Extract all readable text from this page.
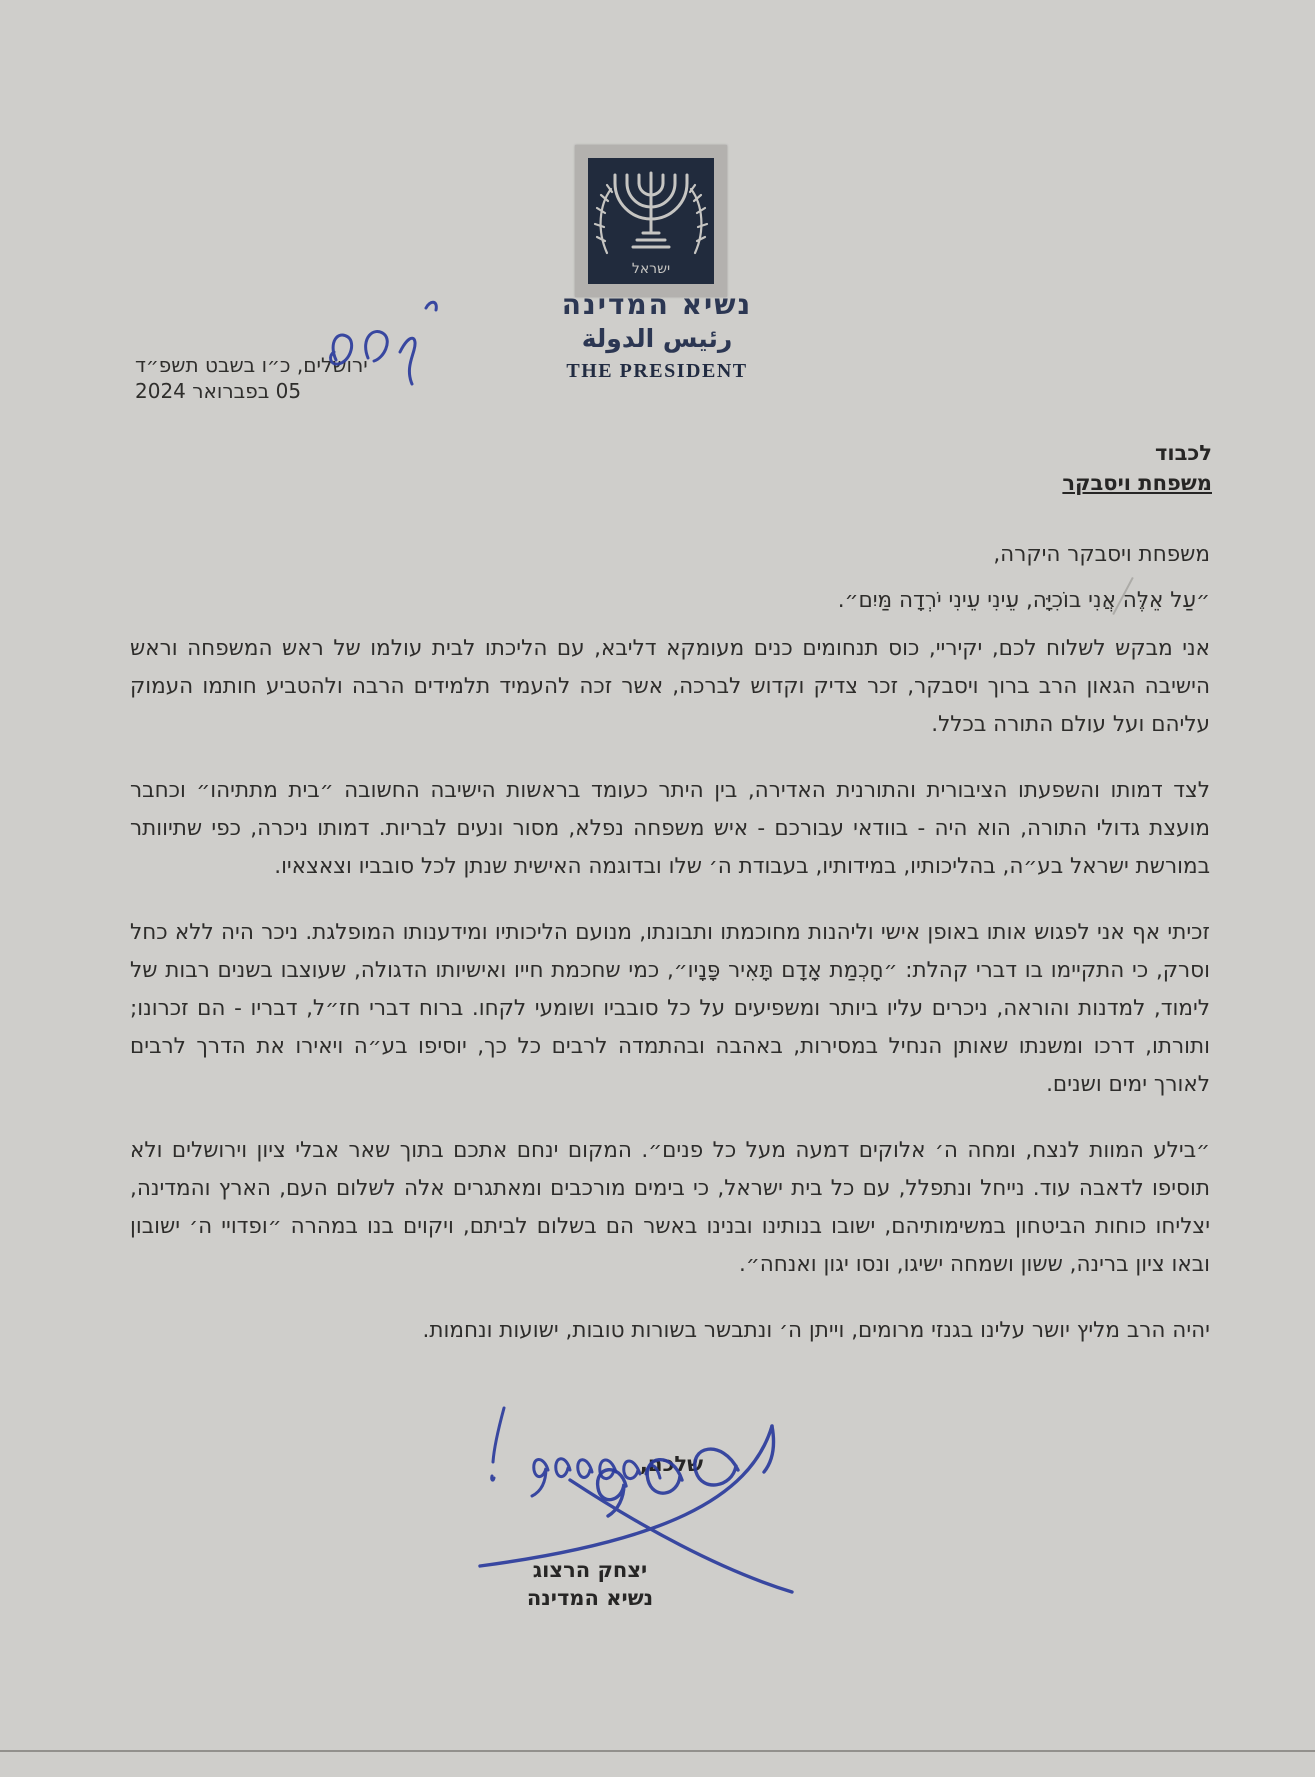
ישראל
נשיא המדינה
رئيس الدولة
THE PRESIDENT
ירושלים, כ״ו בשבט תשפ״ד
05 בפברואר 2024
לכבוד
משפחת ויסבקר

משפחת ויסבקר היקרה,

״עַל אֵלֶּה אֲנִי בוֹכִיָּה, עֵינִי עֵינִי יֹרְדָה מַּיִם״.

אני מבקש לשלוח לכם, יקיריי, כוס תנחומים כנים מעומקא דליבא, עם הליכתו לבית עולמו של ראש המשפחה וראש הישיבה הגאון הרב ברוך ויסבקר, זכר צדיק וקדוש לברכה, אשר זכה להעמיד תלמידים הרבה ולהטביע חותמו העמוק עליהם ועל עולם התורה בכלל.

לצד דמותו והשפעתו הציבורית והתורנית האדירה, בין היתר כעומד בראשות הישיבה החשובה ״בית מתתיהו״ וכחבר מועצת גדולי התורה, הוא היה - בוודאי עבורכם - איש משפחה נפלא, מסור ונעים לבריות. דמותו ניכרה, כפי שתיוותר במורשת ישראל בע״ה, בהליכותיו, במידותיו, בעבודת ה׳ שלו ובדוגמה האישית שנתן לכל סובביו וצאצאיו.

זכיתי אף אני לפגוש אותו באופן אישי וליהנות מחוכמתו ותבונתו, מנועם הליכותיו ומידענותו המופלגת. ניכר היה ללא כחל וסרק, כי התקיימו בו דברי קהלת: ״חָכְמַת אָדָם תָּאִיר פָּנָיו״, כמי שחכמת חייו ואישיותו הדגולה, שעוצבו בשנים רבות של לימוד, למדנות והוראה, ניכרים עליו ביותר ומשפיעים על כל סובביו ושומעי לקחו. ברוח דברי חז״ל, דבריו - הם זכרונו; ותורתו, דרכו ומשנתו שאותן הנחיל במסירות, באהבה ובהתמדה לרבים כל כך, יוסיפו בע״ה ויאירו את הדרך לרבים לאורך ימים ושנים.

״בילע המוות לנצח, ומחה ה׳ אלוקים דמעה מעל כל פנים״. המקום ינחם אתכם בתוך שאר אבלי ציון וירושלים ולא תוסיפו לדאבה עוד. נייחל ונתפלל, עם כל בית ישראל, כי בימים מורכבים ומאתגרים אלה לשלום העם, הארץ והמדינה, יצליחו כוחות הביטחון במשימותיהם, ישובו בנותינו ובנינו באשר הם בשלום לביתם, ויקוים בנו במהרה ״ופדויי ה׳ ישובון ובאו ציון ברינה, ששון ושמחה ישיגו, ונסו יגון ואנחה״.

יהיה הרב מליץ יושר עלינו בגנזי מרומים, וייתן ה׳ ונתבשר בשורות טובות, ישועות ונחמות.

שלכם,
יצחק הרצוג
נשיא המדינה
